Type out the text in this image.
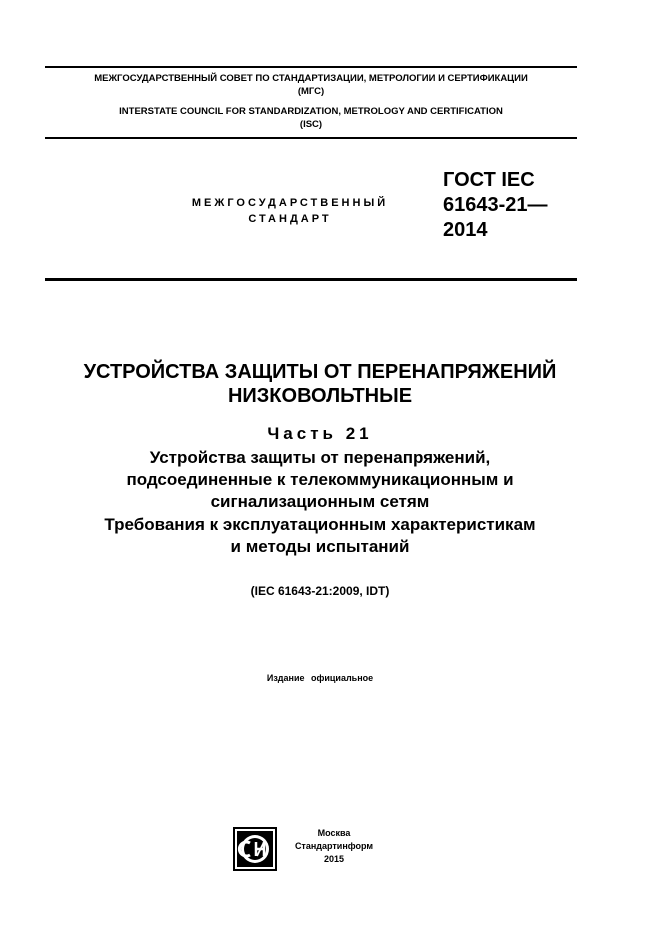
МЕЖГОСУДАРСТВЕННЫЙ СОВЕТ ПО СТАНДАРТИЗАЦИИ, МЕТРОЛОГИИ И СЕРТИФИКАЦИИ
(МГС)
INTERSTATE COUNCIL FOR STANDARDIZATION, METROLOGY AND CERTIFICATION
(ISC)
МЕЖГОСУДАРСТВЕННЫЙ
СТАНДАРТ
ГОСТ IEC
61643-21—
2014
УСТРОЙСТВА ЗАЩИТЫ ОТ ПЕРЕНАПРЯЖЕНИЙ
НИЗКОВОЛЬТНЫЕ
Часть 21
Устройства защиты от перенапряжений,
подсоединенные к телекоммуникационным и
сигнализационным сетям
Требования к эксплуатационным характеристикам
и методы испытаний
(IEC 61643-21:2009, IDT)
Издание официальное
Москва
Стандартинформ
2015
